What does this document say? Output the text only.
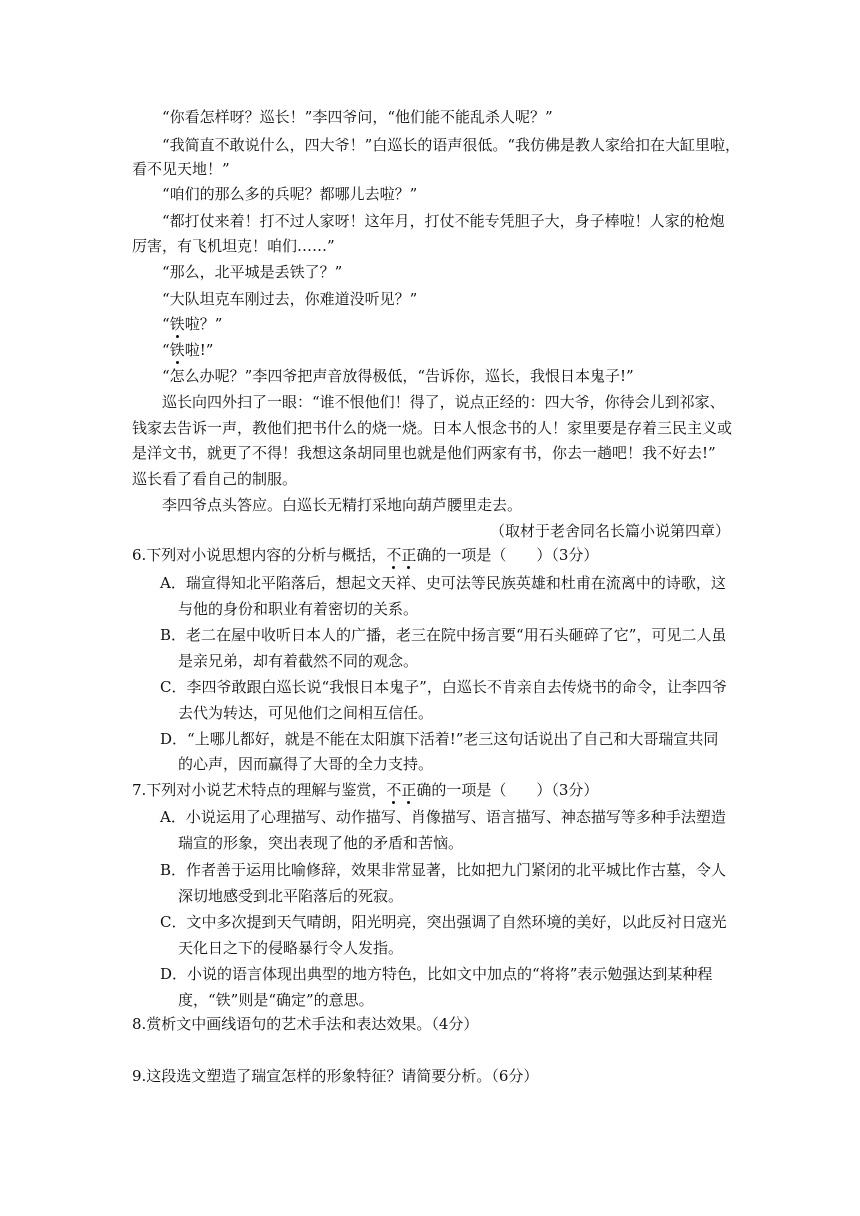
“你看怎样呀？巡长！”李四爷问，“他们能不能乱杀人呢？”
“我简直不敢说什么，四大爷！”白巡长的语声很低。“我仿佛是教人家给扣在大缸里啦，
看不见天地！”
“咱们的那么多的兵呢？都哪儿去啦？”
“都打仗来着！打不过人家呀！这年月，打仗不能专凭胆子大，身子棒啦！人家的枪炮
厉害，有飞机坦克！咱们……”
“那么，北平城是丢铁了？”
“大队坦克车刚过去，你难道没听见？”
“铁啦？”
“铁啦!”
“怎么办呢？”李四爷把声音放得极低，“告诉你，巡长，我恨日本鬼子!”
巡长向四外扫了一眼：“谁不恨他们！得了，说点正经的：四大爷，你待会儿到祁家、
钱家去告诉一声，教他们把书什么的烧一烧。日本人恨念书的人！家里要是存着三民主义或
是洋文书，就更了不得！我想这条胡同里也就是他们两家有书，你去一趟吧！我不好去!”
巡长看了看自己的制服。
李四爷点头答应。白巡长无精打采地向葫芦腰里走去。
（取材于老舍同名长篇小说第四章）
6.下列对小说思想内容的分析与概括，不正确的一项是（　　）（3分）
A．瑞宣得知北平陷落后，想起文天祥、史可法等民族英雄和杜甫在流离中的诗歌，这
与他的身份和职业有着密切的关系。
B．老二在屋中收听日本人的广播，老三在院中扬言要“用石头砸碎了它”，可见二人虽
是亲兄弟，却有着截然不同的观念。
C．李四爷敢跟白巡长说“我恨日本鬼子”，白巡长不肯亲自去传烧书的命令，让李四爷
去代为转达，可见他们之间相互信任。
D．“上哪儿都好，就是不能在太阳旗下活着!”老三这句话说出了自己和大哥瑞宣共同
的心声，因而赢得了大哥的全力支持。
7.下列对小说艺术特点的理解与鉴赏，不正确的一项是（　　）（3分）
A．小说运用了心理描写、动作描写、肖像描写、语言描写、神态描写等多种手法塑造
瑞宣的形象，突出表现了他的矛盾和苦恼。
B．作者善于运用比喻修辞，效果非常显著，比如把九门紧闭的北平城比作古墓，令人
深切地感受到北平陷落后的死寂。
C．文中多次提到天气晴朗，阳光明亮，突出强调了自然环境的美好，以此反衬日寇光
天化日之下的侵略暴行令人发指。
D．小说的语言体现出典型的地方特色，比如文中加点的“将将”表示勉强达到某种程
度，“铁”则是“确定”的意思。
8.赏析文中画线语句的艺术手法和表达效果。（4分）
9.这段选文塑造了瑞宣怎样的形象特征？请简要分析。（6分）
